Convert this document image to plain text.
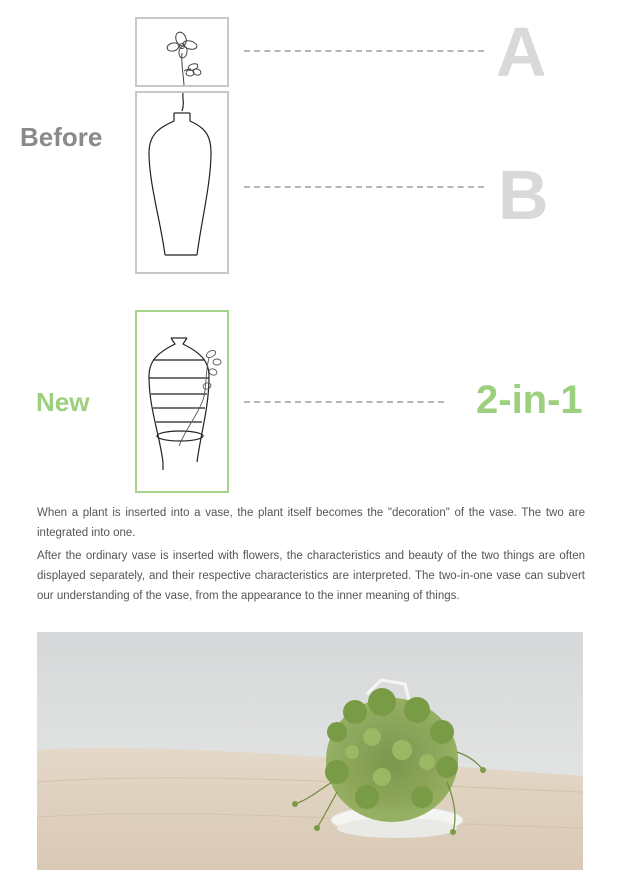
Before
A
B
New	2-in-1

When a plant is inserted into a vase, the plant itself becomes the "decoration" of the vase. The two are integrated into one.

After the ordinary vase is inserted with flowers, the characteristics and beauty of the two things are often displayed separately, and their respective characteristics are interpreted. The two-in-one vase can subvert our understanding of the vase, from the appearance to the inner meaning of things.
